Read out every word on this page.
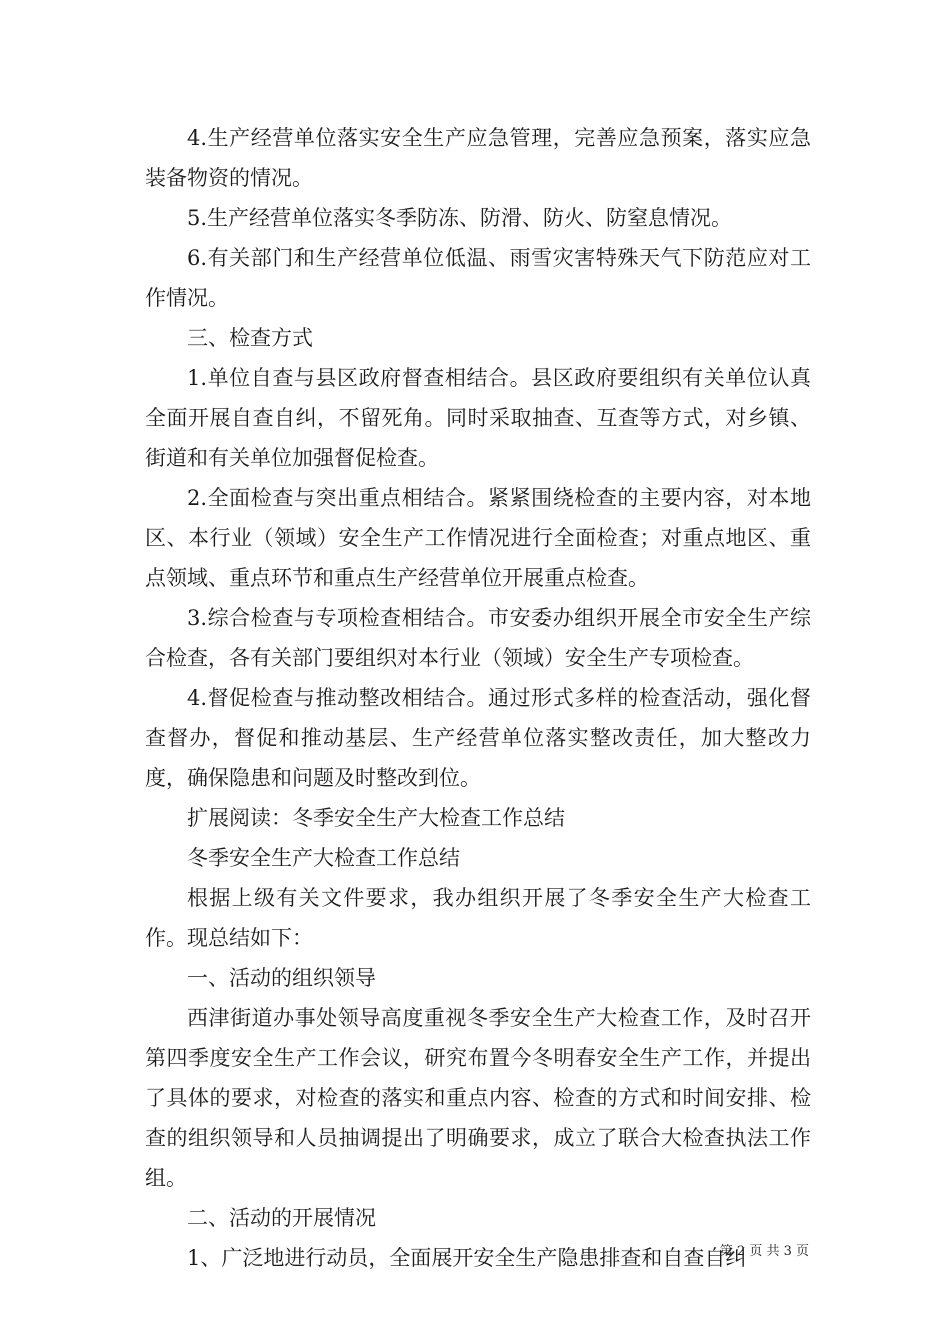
4.生产经营单位落实安全生产应急管理，完善应急预案，落实应急装备物资的情况。

5.生产经营单位落实冬季防冻、防滑、防火、防窒息情况。

6.有关部门和生产经营单位低温、雨雪灾害特殊天气下防范应对工作情况。

三、检查方式

1.单位自查与县区政府督查相结合。县区政府要组织有关单位认真全面开展自查自纠，不留死角。同时采取抽查、互查等方式，对乡镇、街道和有关单位加强督促检查。

2.全面检查与突出重点相结合。紧紧围绕检查的主要内容，对本地区、本行业（领域）安全生产工作情况进行全面检查；对重点地区、重点领域、重点环节和重点生产经营单位开展重点检查。

3.综合检查与专项检查相结合。市安委办组织开展全市安全生产综合检查，各有关部门要组织对本行业（领域）安全生产专项检查。

4.督促检查与推动整改相结合。通过形式多样的检查活动，强化督查督办，督促和推动基层、生产经营单位落实整改责任，加大整改力度，确保隐患和问题及时整改到位。

扩展阅读：冬季安全生产大检查工作总结

冬季安全生产大检查工作总结

根据上级有关文件要求，我办组织开展了冬季安全生产大检查工作。现总结如下：

一、活动的组织领导

西津街道办事处领导高度重视冬季安全生产大检查工作，及时召开第四季度安全生产工作会议，研究布置今冬明春安全生产工作，并提出了具体的要求，对检查的落实和重点内容、检查的方式和时间安排、检查的组织领导和人员抽调提出了明确要求，成立了联合大检查执法工作组。

二、活动的开展情况

1、广泛地进行动员，全面展开安全生产隐患排查和自查自纠

第 2 页 共 3 页
